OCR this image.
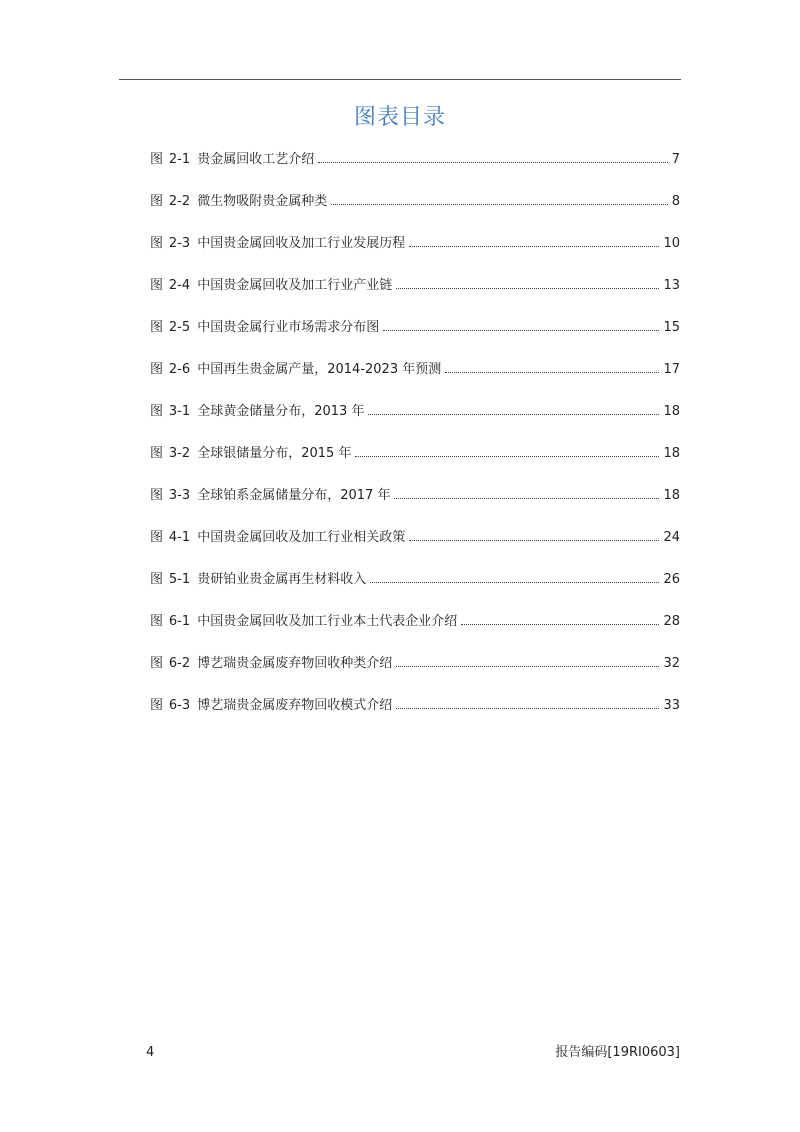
图表目录
图 2-1 贵金属回收工艺介绍	7
图 2-2 微生物吸附贵金属种类	8
图 2-3 中国贵金属回收及加工行业发展历程	10
图 2-4 中国贵金属回收及加工行业产业链	13
图 2-5 中国贵金属行业市场需求分布图	15
图 2-6 中国再生贵金属产量，2014-2023 年预测	17
图 3-1 全球黄金储量分布，2013 年	18
图 3-2 全球银储量分布，2015 年	18
图 3-3 全球铂系金属储量分布，2017 年	18
图 4-1 中国贵金属回收及加工行业相关政策	24
图 5-1 贵研铂业贵金属再生材料收入	26
图 6-1 中国贵金属回收及加工行业本土代表企业介绍	28
图 6-2 博艺瑞贵金属废弃物回收种类介绍	32
图 6-3 博艺瑞贵金属废弃物回收模式介绍	33
4	报告编码[19RI0603]
